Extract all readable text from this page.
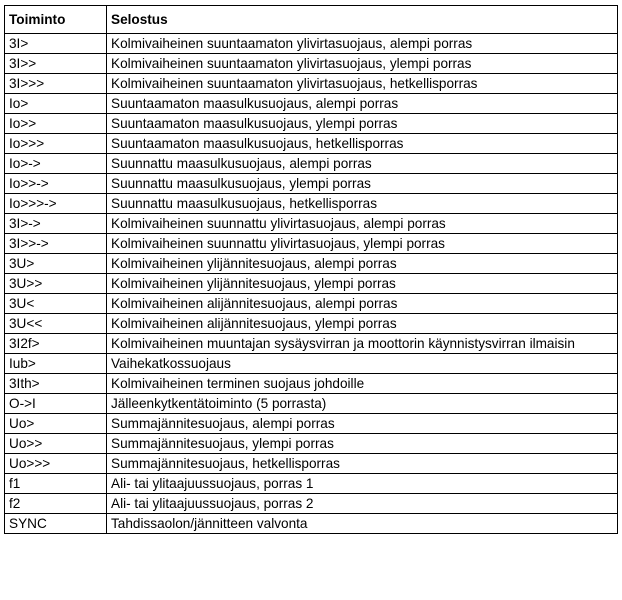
Toiminto	Selostus
3I>	Kolmivaiheinen suuntaamaton ylivirtasuojaus, alempi porras
3I>>	Kolmivaiheinen suuntaamaton ylivirtasuojaus, ylempi porras
3I>>>	Kolmivaiheinen suuntaamaton ylivirtasuojaus, hetkellisporras
Io>	Suuntaamaton maasulkusuojaus, alempi porras
Io>>	Suuntaamaton maasulkusuojaus, ylempi porras
Io>>>	Suuntaamaton maasulkusuojaus, hetkellisporras
Io>->	Suunnattu maasulkusuojaus, alempi porras
Io>>->	Suunnattu maasulkusuojaus, ylempi porras
Io>>>->	Suunnattu maasulkusuojaus, hetkellisporras
3I>->	Kolmivaiheinen suunnattu ylivirtasuojaus, alempi porras
3I>>->	Kolmivaiheinen suunnattu ylivirtasuojaus, ylempi porras
3U>	Kolmivaiheinen ylijännitesuojaus, alempi porras
3U>>	Kolmivaiheinen ylijännitesuojaus, ylempi porras
3U<	Kolmivaiheinen alijännitesuojaus, alempi porras
3U<<	Kolmivaiheinen alijännitesuojaus, ylempi porras
3I2f>	Kolmivaiheinen muuntajan sysäysvirran ja moottorin käynnistysvirran ilmaisin
Iub>	Vaihekatkossuojaus
3Ith>	Kolmivaiheinen terminen suojaus johdoille
O->I	Jälleenkytkentätoiminto (5 porrasta)
Uo>	Summajännitesuojaus, alempi porras
Uo>>	Summajännitesuojaus, ylempi porras
Uo>>>	Summajännitesuojaus, hetkellisporras
f1	Ali- tai ylitaajuussuojaus, porras 1
f2	Ali- tai ylitaajuussuojaus, porras 2
SYNC	Tahdissaolon/jännitteen valvonta
